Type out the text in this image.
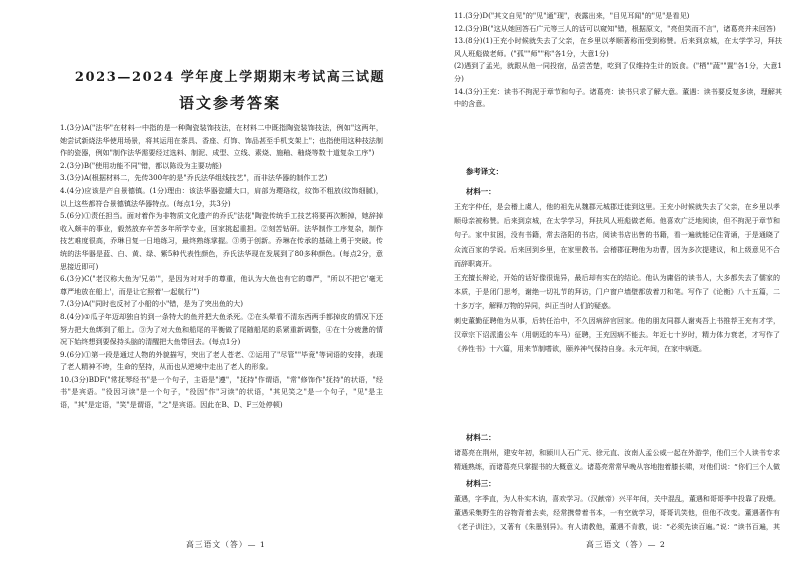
2023—2024 学年度上学期期末考试高三试题
语文参考答案
1.(3分)A("法华"在材料一中指的是一种陶瓷装饰技法，在材料二中既指陶瓷装饰技法，例如"这两年，她尝试新烧法华使用场景，将其运用在茶具、香座、灯饰、饰品甚至手机支架上"；也指使用这种技法制作的瓷器，例如"制作法华需要经过选料、制泥、成型、立线、素烧、施釉、釉烧等数十道复杂工序")
2.(3分)B("使用功能不同"错，都以陈设为主要功能)
3.(3分)A(根据材料二，先传300年的是"乔氏法华组线技艺"，而非法华器的制作工艺)
4.(4分)应该是产自景德镇。(1分)理由：该法华器瓷罐大口，肩部为瓔珞纹，纹饰不粗放(纹饰细腻)，以上这些都符合景德镇法华器特点。(每点1分，共3分)
5.(6分)①责任担当。面对着作为非物质文化遗产的乔氏"法花"陶瓷传统手工技艺将要再次断掉，她辞掉收入颇丰的事业，毅然放弃辛苦多年所学专业，回家挑起重担。②刻苦钻研。法华制作工序复杂，制作技艺难度很高，乔琳日复一日地练习，最终熟练掌握。③勇于创新。乔琳在传承的基础上勇于突破。传统的法华器是蓝、白、黄、绿、紫5种代表性颜色，乔氏法华现在发展到了80多种颜色。(每点2分，意思接近即可)
6.(3分)C("老汉称大鱼为'兄弟'"，是因为对对手的尊重，他认为大鱼也有它的尊严，"所以不把它'毫无尊严地放在船上'，而是让它照着'一起航行'")
7.(3分)A("同时也反衬了小船的小"错，是为了突出鱼的大)
8.(4分)①瓜子年迈却独自钓到一条特大的鱼并把大鱼杀死。②在头晕看不清东西两手都掉皮的情况下还努力把大鱼绑到了船上。③为了对大鱼和船尾的平衡做了尾随船尾的系紧重新调整，④在十分疲惫的情况下始终想到要保持头脑的清醒把大鱼带回去。(每点1分)
9.(6分)①第一段是通过人物的外貌描写，突出了老人苍老、②运用了"尽管""毕竟"等词语的安排，表现了老人精神不垮，生命的坚持，从而也从逆境中走出了老人的形象。
10.(3分)BDF("常抚琴经书"是一个句子，主语是"遵"，"抚持"作谓语，"常"修饰作"抚持"的状语，"经书"是宾语。"役因习读"是一个句子，"役因"作"习读"的状语，"其见笑之"是一个句子，"见"是主语，"其"是定语，"笑"是谓语，"之"是宾语。因此在B、D、F三处停顿)
11.(3分)D("其文自见"的"见"通"现"，表露出来，"目见耳闻"的"见"是看见)
12.(3分)B("这从她回答石广元等三人的话可以窥知"错，根据原文，"亮但笑而不言"，诸葛亮并未回答)
13.(8分)(1)王充小时候就失去了父亲，在乡里以孝顺著称而受到称赞。后来到京城，在太学学习，拜扶风人班彪做老师。("孤""师""称"各1分，大意1分)
(2)遇到了孟光，就跟从他一同投宿，品尝苦楚，吃到了仅维持生计的饭食。("栖""蔬""置"各1分，大意1分)
14.(3分)王充：读书不拘泥于章节和句子。诸葛亮：读书只求了解大意。董遇：读书要反复多读，理解其中的含意。
参考译文：
材料一：
王充字仲任，是会稽上虞人，他的祖先从魏郡元城郡迁徙到这里。王充小时候就失去了父亲，在乡里以孝顺母亲被称赞。后来到京城，在太学学习，拜扶风人班彪做老师。他喜欢广泛地阅读，但不拘泥于章节和句子。家中贫困，没有书籍，常去洛阳的书店，阅读书店出售的书籍，看一遍就能记住背诵，于是通晓了众流百家的学说。后来回到乡里，在家里教书。会稽郡征聘他为功曹，因为多次提建议，和上级意见不合而辞职离开。
王充擅长辩论，开始的话好像很诡异，最后却有实在的结论。他认为庸俗的读书人，大多都失去了儒家的本质，于是闭门思考，谢绝一切礼节的拜访，门户窗户墙壁都放着刀和笔。写作了《论衡》八十五篇，二十多万字，解释万物的异同，纠正当时人们的疑惑。
刺史董勤征聘他为从事，后转任治中，不久因病辞官回家。他的朋友同郡人谢夷吾上书推荐王充有才学，汉章宗下诏派遣公车（用朝廷的车马）征聘，王充因病不能去。年近七十岁时，精力体力衰老，才写作了《养性书》十六篇，用来节制嗜欲，颐养神气保持自身。永元年间，在家中病逝。
材料二：
诸葛亮在荆州，建安年初，和颍川人石广元、徐元直、汝南人孟公威一起在外游学，他们三个人读书专求精通熟练，而诸葛亮只掌握书的大概意义。诸葛亮常常早晚从容地抱着膝长啸，对他们说：“你们三个人做
材料三：
董遇，字季直，为人朴实木讷，喜欢学习。（汉献帝）兴平年间，关中混乱，董遇和哥哥季中投靠了段煨。董遇采集野生的谷物背着去卖，经常携带着书本，一有空就学习，哥哥讥笑他，但他不改变。董遇著作有《老子训注》，又著有《朱墨别异》。有人请教他，董遇不肯教，说：“必须先读百遍。”说：“读书百遍，其
高三语文（答）— 1	高三语文（答）— 2
